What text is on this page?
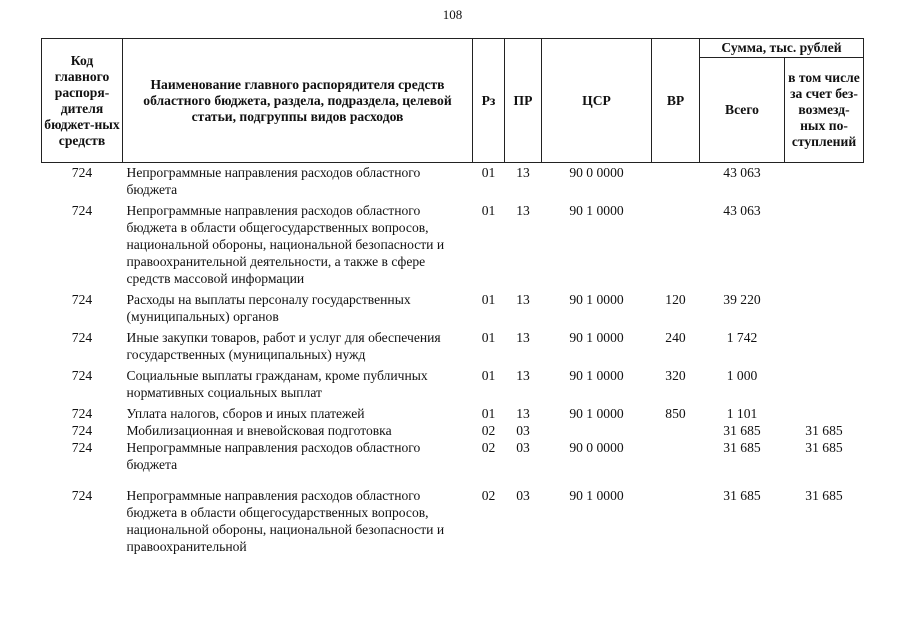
108
Код главного распоря-дителя бюджет-ных средств	Наименование главного распорядителя средств областного бюджета, раздела, подраздела, целевой статьи, подгруппы видов расходов	Рз	ПР	ЦСР	ВР	Сумма, тыс. рублей	
						Всего	в том числе за счет без-возмезд-ных по-ступлений
724	Непрограммные направления расходов областного бюджета	01	13	90 0 0000		43 063	
724	Непрограммные направления расходов областного бюджета в области общегосударственных вопросов, национальной обороны, национальной безопасности и правоохранительной деятельности, а также в сфере средств массовой информации	01	13	90 1 0000		43 063	
724	Расходы на выплаты персоналу государственных (муниципальных) органов	01	13	90 1 0000	120	39 220	
724	Иные закупки товаров, работ и услуг для обеспечения государственных (муниципальных) нужд	01	13	90 1 0000	240	1 742	
724	Социальные выплаты гражданам, кроме публичных нормативных социальных выплат	01	13	90 1 0000	320	1 000	
724	Уплата налогов, сборов и иных платежей	01	13	90 1 0000	850	1 101	
724	Мобилизационная и вневойсковая подготовка	02	03			31 685	31 685
724	Непрограммные направления расходов областного бюджета	02	03	90 0 0000		31 685	31 685
724	Непрограммные направления расходов областного бюджета в области общегосударственных вопросов, национальной обороны, национальной безопасности и правоохранительной	02	03	90 1 0000		31 685	31 685
